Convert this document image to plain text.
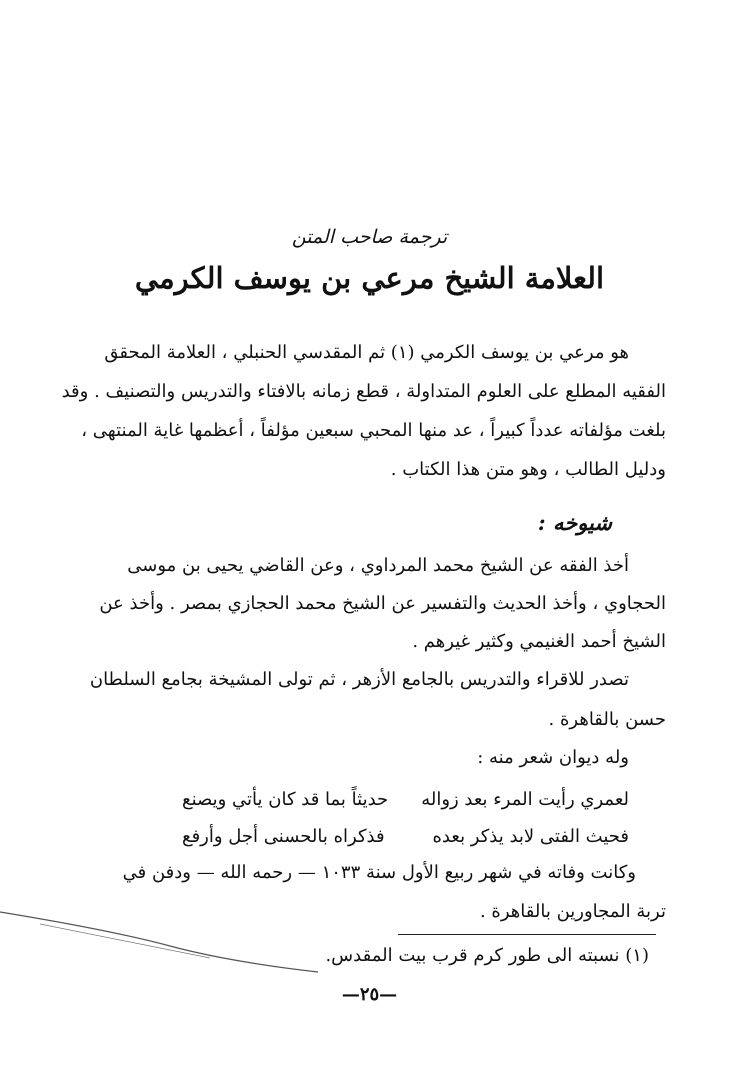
ترجمة صاحب المتن
العلامة الشيخ مرعي بن يوسف الكرمي
هو مرعي بن يوسف الكرمي (١) ثم المقدسي الحنبلي ، العلامة المحقق
الفقيه المطلع على العلوم المتداولة ، قطع زمانه بالافتاء والتدريس والتصنيف . وقد
بلغت مؤلفاته عدداً كبيراً ، عد منها المحبي سبعين مؤلفاً ، أعظمها غاية المنتهى ،
ودليل الطالب ، وهو متن هذا الكتاب .
شيوخه :
أخذ الفقه عن الشيخ محمد المرداوي ، وعن القاضي يحيى بن موسى
الحجاوي ، وأخذ الحديث والتفسير عن الشيخ محمد الحجازي بمصر . وأخذ عن
الشيخ أحمد الغنيمي وكثير غيرهم .
تصدر للاقراء والتدريس بالجامع الأزهر ، ثم تولى المشيخة بجامع السلطان
حسن بالقاهرة .
وله ديوان شعر منه :
لعمري رأيت المرء بعد زواله
حديثاً بما قد كان يأتي ويصنع
فحيث الفتى لابد يذكر بعده
فذكراه بالحسنى أجل وأرفع
وكانت وفاته في شهر ربيع الأول سنة ١٠٣٣ — رحمه الله — ودفن في
تربة المجاورين بالقاهرة .
(١) نسبته الى طور كرم قرب بيت المقدس.
—٢٥—
